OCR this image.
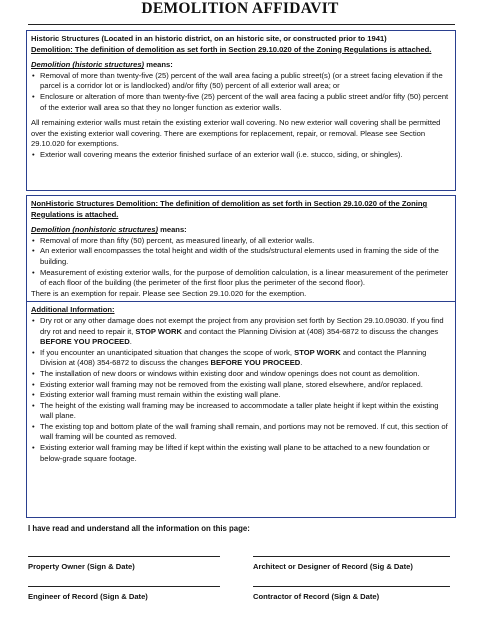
DEMOLITION AFFIDAVIT

Historic Structures (Located in an historic district, on an historic site, or constructed prior to 1941)

Demolition: The definition of demolition as set forth in Section 29.10.020 of the Zoning Regulations is attached.

Demolition (historic structures) means:

• Removal of more than twenty-five (25) percent of the wall area facing a public street(s) (or a street facing elevation if the parcel is a corridor lot or is landlocked) and/or fifty (50) percent of all exterior wall area; or
• Enclosure or alteration of more than twenty-five (25) percent of the wall area facing a public street and/or fifty (50) percent of the exterior wall area so that they no longer function as exterior walls.

All remaining exterior walls must retain the existing exterior wall covering. No new exterior wall covering shall be permitted over the existing exterior wall covering. There are exemptions for replacement, repair, or removal. Please see Section 29.10.020 for exemptions.

• Exterior wall covering means the exterior finished surface of an exterior wall (i.e. stucco, siding, or shingles).

NonHistoric Structures Demolition: The definition of demolition as set forth in Section 29.10.020 of the Zoning Regulations is attached.

Demolition (nonhistoric structures) means:

• Removal of more than fifty (50) percent, as measured linearly, of all exterior walls.
• An exterior wall encompasses the total height and width of the studs/structural elements used in framing the side of the building.
• Measurement of existing exterior walls, for the purpose of demolition calculation, is a linear measurement of the perimeter of each floor of the building (the perimeter of the first floor plus the perimeter of the second floor).

There is an exemption for repair. Please see Section 29.10.020 for the exemption.

Additional Information:

• Dry rot or any other damage does not exempt the project from any provision set forth by Section 29.10.09030. If you find dry rot and need to repair it, STOP WORK and contact the Planning Division at (408) 354-6872 to discuss the changes BEFORE YOU PROCEED.
• If you encounter an unanticipated situation that changes the scope of work, STOP WORK and contact the Planning Division at (408) 354-6872 to discuss the changes BEFORE YOU PROCEED.
• The installation of new doors or windows within existing door and window openings does not count as demolition.
• Existing exterior wall framing may not be removed from the existing wall plane, stored elsewhere, and/or replaced.
• Existing exterior wall framing must remain within the existing wall plane.
• The height of the existing wall framing may be increased to accommodate a taller plate height if kept within the existing wall plane.
• The existing top and bottom plate of the wall framing shall remain, and portions may not be removed. If cut, this section of wall framing will be counted as removed.
• Existing exterior wall framing may be lifted if kept within the existing wall plane to be attached to a new foundation or below-grade square footage.
I have read and understand all the information on this page:
Property Owner (Sign & Date)	Architect or Designer of Record (Sig & Date)
Engineer of Record (Sign & Date)	Contractor of Record (Sign & Date)
